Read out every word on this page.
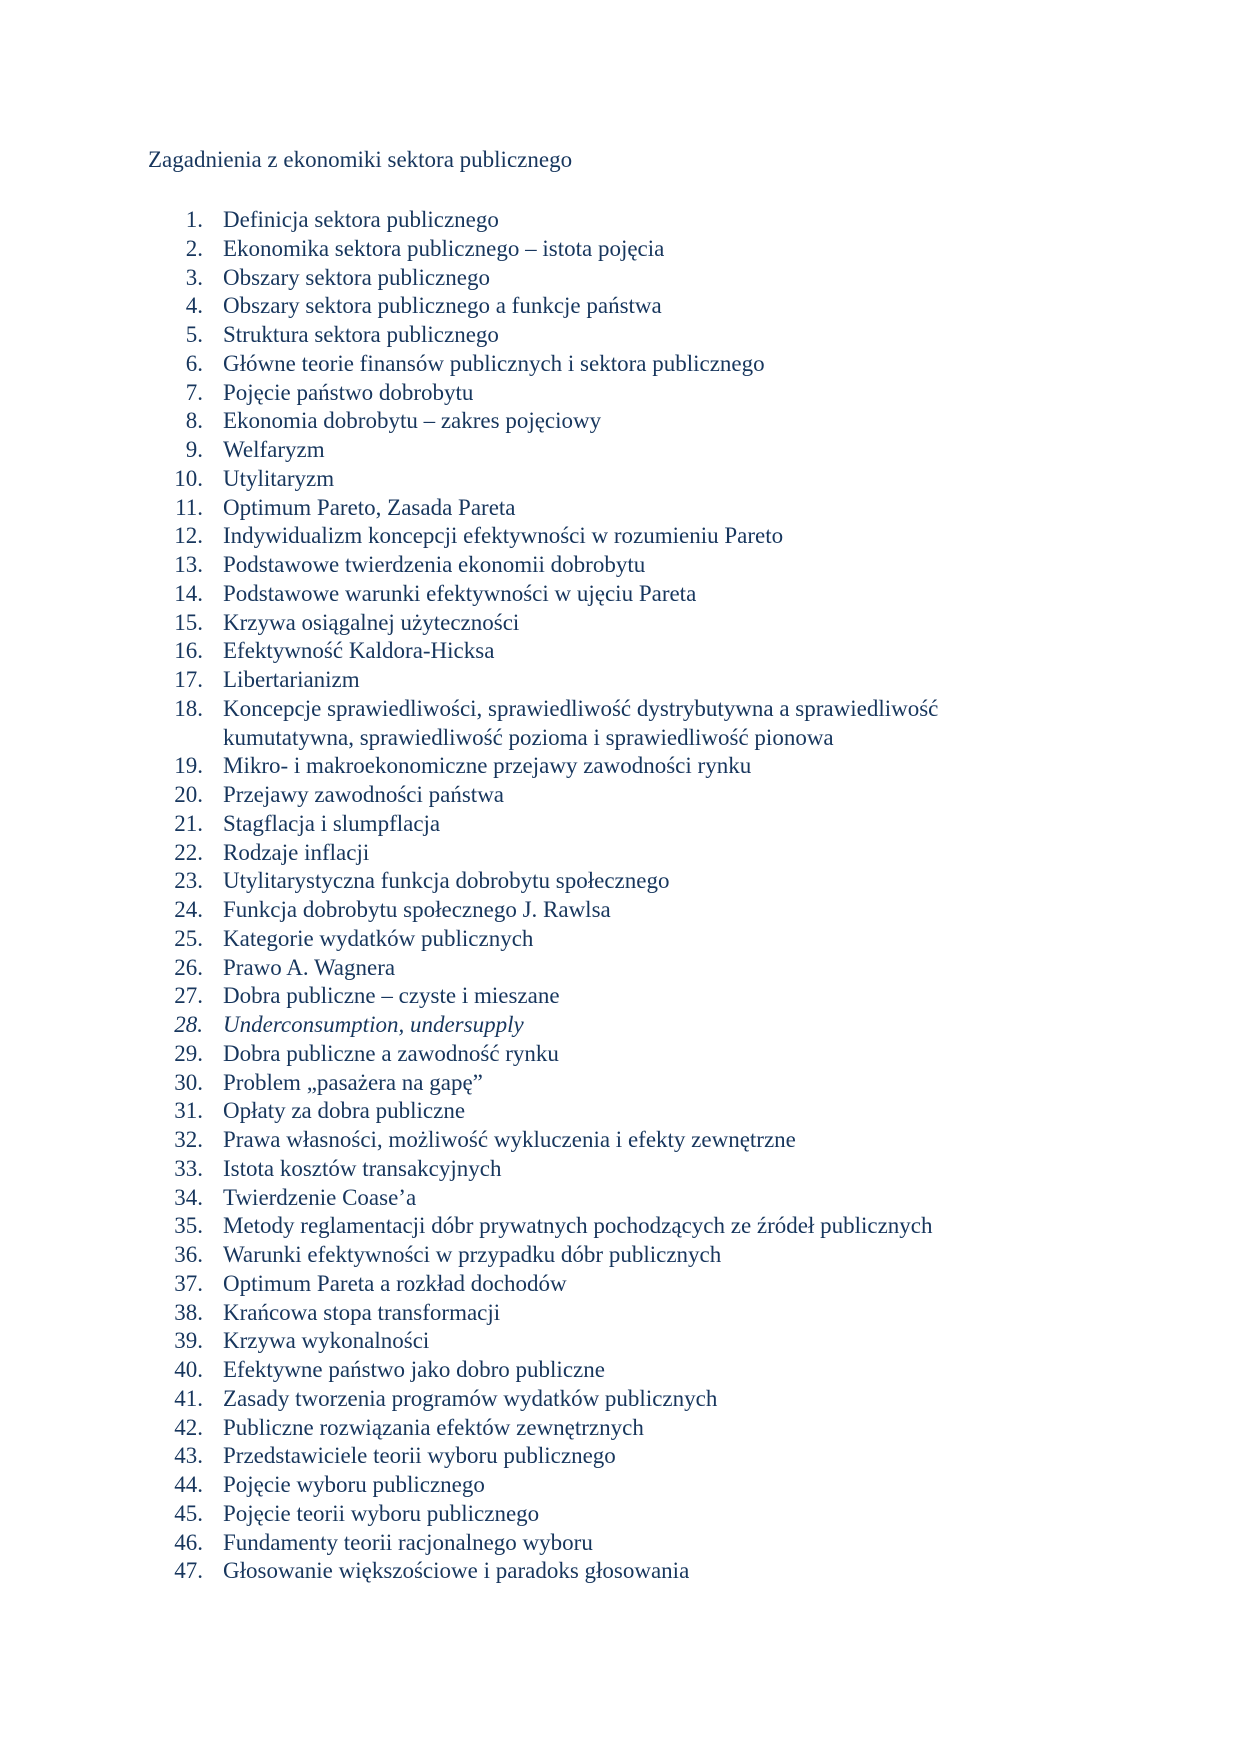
Zagadnienia z ekonomiki sektora publicznego
1. Definicja sektora publicznego
2. Ekonomika sektora publicznego – istota pojęcia
3. Obszary sektora publicznego
4. Obszary sektora publicznego a funkcje państwa
5. Struktura sektora publicznego
6. Główne teorie finansów publicznych i sektora publicznego
7. Pojęcie państwo dobrobytu
8. Ekonomia dobrobytu – zakres pojęciowy
9. Welfaryzm
10. Utylitaryzm
11. Optimum Pareto, Zasada Pareta
12. Indywidualizm koncepcji efektywności w rozumieniu Pareto
13. Podstawowe twierdzenia ekonomii dobrobytu
14. Podstawowe warunki efektywności w ujęciu Pareta
15. Krzywa osiągalnej użyteczności
16. Efektywność Kaldora-Hicksa
17. Libertarianizm
18. Koncepcje sprawiedliwości, sprawiedliwość dystrybutywna a sprawiedliwość
kumutatywna, sprawiedliwość pozioma i sprawiedliwość pionowa
19. Mikro- i makroekonomiczne przejawy zawodności rynku
20. Przejawy zawodności państwa
21. Stagflacja i slumpflacja
22. Rodzaje inflacji
23. Utylitarystyczna funkcja dobrobytu społecznego
24. Funkcja dobrobytu społecznego J. Rawlsa
25. Kategorie wydatków publicznych
26. Prawo A. Wagnera
27. Dobra publiczne – czyste i mieszane
28. Underconsumption, undersupply
29. Dobra publiczne a zawodność rynku
30. Problem „pasażera na gapę”
31. Opłaty za dobra publiczne
32. Prawa własności, możliwość wykluczenia i efekty zewnętrzne
33. Istota kosztów transakcyjnych
34. Twierdzenie Coase’a
35. Metody reglamentacji dóbr prywatnych pochodzących ze źródeł publicznych
36. Warunki efektywności w przypadku dóbr publicznych
37. Optimum Pareta a rozkład dochodów
38. Krańcowa stopa transformacji
39. Krzywa wykonalności
40. Efektywne państwo jako dobro publiczne
41. Zasady tworzenia programów wydatków publicznych
42. Publiczne rozwiązania efektów zewnętrznych
43. Przedstawiciele teorii wyboru publicznego
44. Pojęcie wyboru publicznego
45. Pojęcie teorii wyboru publicznego
46. Fundamenty teorii racjonalnego wyboru
47. Głosowanie większościowe i paradoks głosowania
